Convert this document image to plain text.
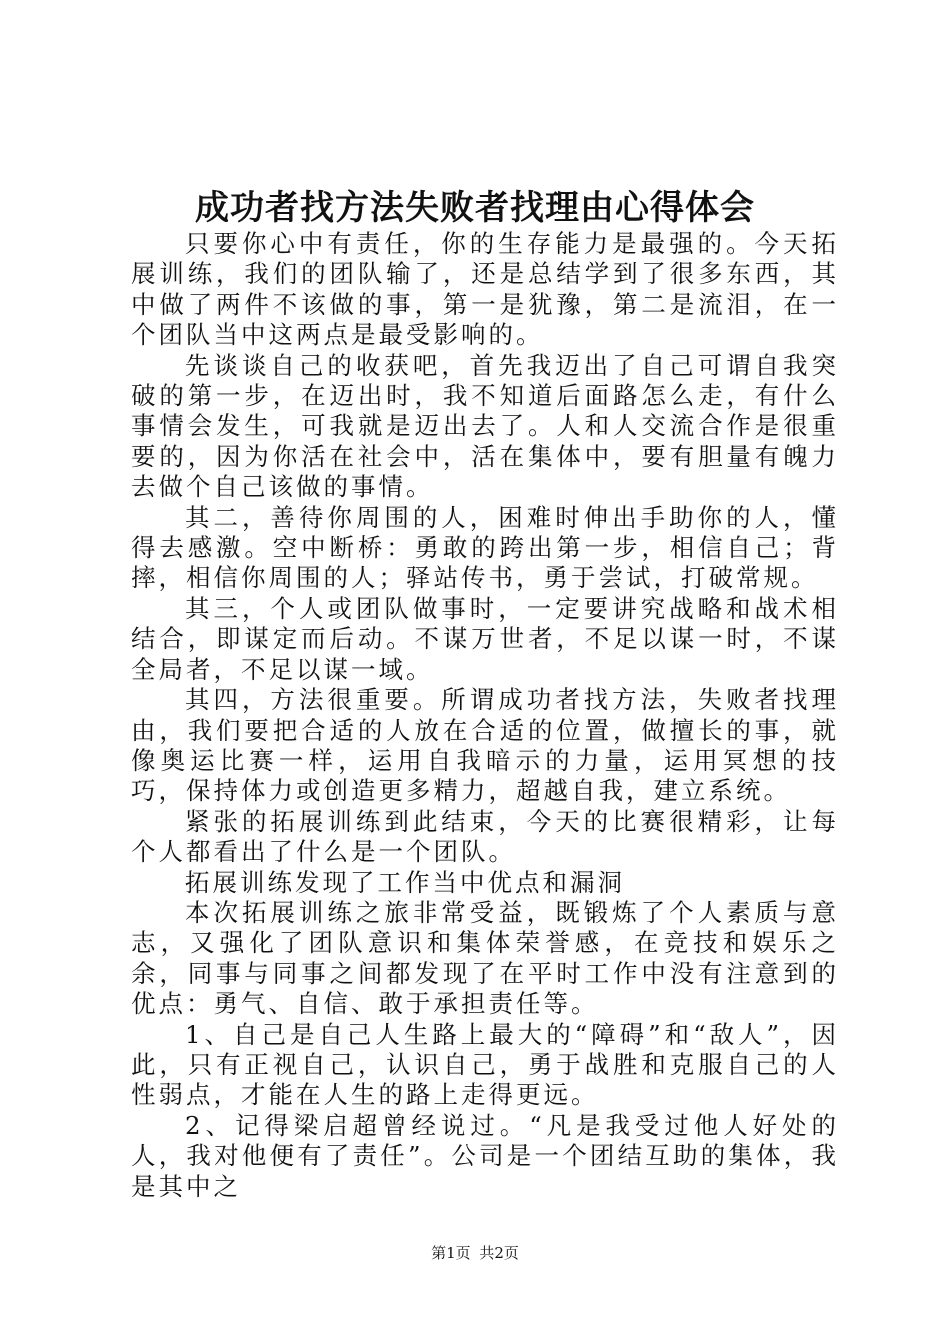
成功者找方法失败者找理由心得体会

只要你心中有责任，你的生存能力是最强的。今天拓展训练，我们的团队输了，还是总结学到了很多东西，其中做了两件不该做的事，第一是犹豫，第二是流泪，在一个团队当中这两点是最受影响的。

先谈谈自己的收获吧，首先我迈出了自己可谓自我突破的第一步，在迈出时，我不知道后面路怎么走，有什么事情会发生，可我就是迈出去了。人和人交流合作是很重要的，因为你活在社会中，活在集体中，要有胆量有魄力去做个自己该做的事情。

其二，善待你周围的人，困难时伸出手助你的人，懂得去感激。空中断桥：勇敢的跨出第一步，相信自己；背摔，相信你周围的人；驿站传书，勇于尝试，打破常规。

其三，个人或团队做事时，一定要讲究战略和战术相结合，即谋定而后动。不谋万世者，不足以谋一时，不谋全局者，不足以谋一域。

其四，方法很重要。所谓成功者找方法，失败者找理由，我们要把合适的人放在合适的位置，做擅长的事，就像奥运比赛一样，运用自我暗示的力量，运用冥想的技巧，保持体力或创造更多精力，超越自我，建立系统。

紧张的拓展训练到此结束，今天的比赛很精彩，让每个人都看出了什么是一个团队。

拓展训练发现了工作当中优点和漏洞

本次拓展训练之旅非常受益，既锻炼了个人素质与意志，又强化了团队意识和集体荣誉感，在竞技和娱乐之余，同事与同事之间都发现了在平时工作中没有注意到的优点：勇气、自信、敢于承担责任等。

1、自己是自己人生路上最大的“障碍”和“敌人”，因此，只有正视自己，认识自己，勇于战胜和克服自己的人性弱点，才能在人生的路上走得更远。

2、记得梁启超曾经说过。“凡是我受过他人好处的人，我对他便有了责任”。公司是一个团结互助的集体，我是其中之

第1页 共2页
